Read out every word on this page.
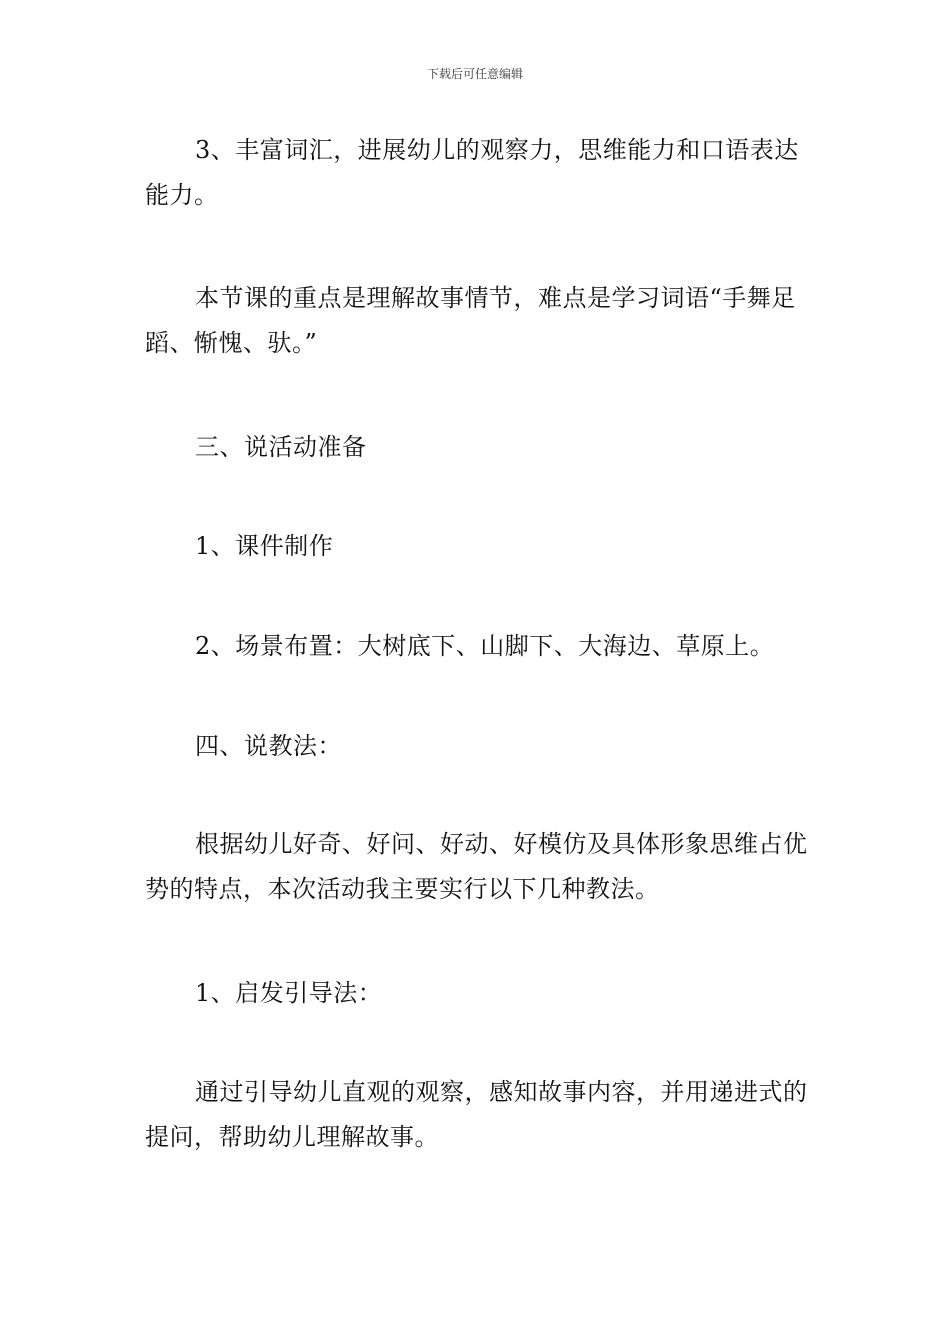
下载后可任意编辑

3、丰富词汇，进展幼儿的观察力，思维能力和口语表达能力。

本节课的重点是理解故事情节，难点是学习词语“手舞足蹈、惭愧、驮。”

三、说活动准备

1、课件制作

2、场景布置：大树底下、山脚下、大海边、草原上。

四、说教法：

根据幼儿好奇、好问、好动、好模仿及具体形象思维占优势的特点，本次活动我主要实行以下几种教法。

1、启发引导法：

通过引导幼儿直观的观察，感知故事内容，并用递进式的提问，帮助幼儿理解故事。
